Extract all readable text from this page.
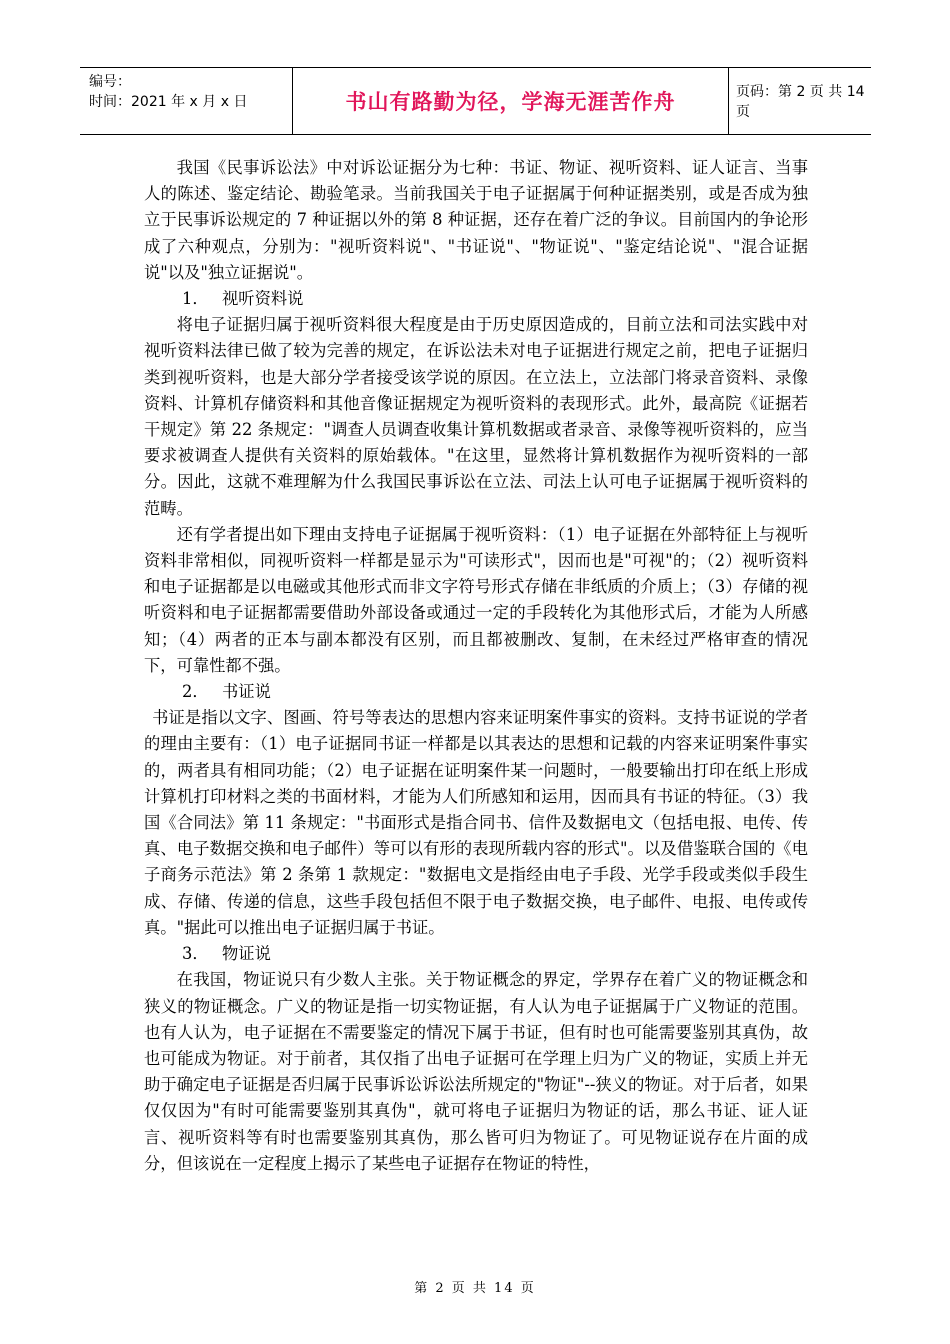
编号：
时间：2021 年 x 月 x 日	书山有路勤为径，学海无涯苦作舟	页码：第 2 页 共 14 页

我国《民事诉讼法》中对诉讼证据分为七种：书证、物证、视听资料、证人证言、当事人的陈述、鉴定结论、勘验笔录。当前我国关于电子证据属于何种证据类别，或是否成为独立于民事诉讼规定的 7 种证据以外的第 8 种证据，还存在着广泛的争议。目前国内的争论形成了六种观点，分别为："视听资料说"、"书证说"、"物证说"、"鉴定结论说"、"混合证据说"以及"独立证据说"。

1． 视听资料说

将电子证据归属于视听资料很大程度是由于历史原因造成的，目前立法和司法实践中对视听资料法律已做了较为完善的规定，在诉讼法未对电子证据进行规定之前，把电子证据归类到视听资料，也是大部分学者接受该学说的原因。在立法上，立法部门将录音资料、录像资料、计算机存储资料和其他音像证据规定为视听资料的表现形式。此外，最高院《证据若干规定》第 22 条规定："调查人员调查收集计算机数据或者录音、录像等视听资料的，应当要求被调查人提供有关资料的原始载体。"在这里，显然将计算机数据作为视听资料的一部分。因此，这就不难理解为什么我国民事诉讼在立法、司法上认可电子证据属于视听资料的范畴。

还有学者提出如下理由支持电子证据属于视听资料：（1）电子证据在外部特征上与视听资料非常相似，同视听资料一样都是显示为"可读形式"，因而也是"可视"的；（2）视听资料和电子证据都是以电磁或其他形式而非文字符号形式存储在非纸质的介质上；（3）存储的视听资料和电子证据都需要借助外部设备或通过一定的手段转化为其他形式后，才能为人所感知；（4）两者的正本与副本都没有区别，而且都被删改、复制，在未经过严格审查的情况下，可靠性都不强。

2． 书证说

书证是指以文字、图画、符号等表达的思想内容来证明案件事实的资料。支持书证说的学者的理由主要有：（1）电子证据同书证一样都是以其表达的思想和记载的内容来证明案件事实的，两者具有相同功能；（2）电子证据在证明案件某一问题时，一般要输出打印在纸上形成计算机打印材料之类的书面材料，才能为人们所感知和运用，因而具有书证的特征。（3）我国《合同法》第 11 条规定："书面形式是指合同书、信件及数据电文（包括电报、电传、传真、电子数据交换和电子邮件）等可以有形的表现所载内容的形式"。以及借鉴联合国的《电子商务示范法》第 2 条第 1 款规定："数据电文是指经由电子手段、光学手段或类似手段生成、存储、传递的信息，这些手段包括但不限于电子数据交换，电子邮件、电报、电传或传真。"据此可以推出电子证据归属于书证。

3． 物证说

在我国，物证说只有少数人主张。关于物证概念的界定，学界存在着广义的物证概念和狭义的物证概念。广义的物证是指一切实物证据，有人认为电子证据属于广义物证的范围。也有人认为，电子证据在不需要鉴定的情况下属于书证，但有时也可能需要鉴别其真伪，故也可能成为物证。对于前者，其仅指了出电子证据可在学理上归为广义的物证，实质上并无助于确定电子证据是否归属于民事诉讼诉讼法所规定的"物证"--狭义的物证。对于后者，如果仅仅因为"有时可能需要鉴别其真伪"，就可将电子证据归为物证的话，那么书证、证人证言、视听资料等有时也需要鉴别其真伪，那么皆可归为物证了。可见物证说存在片面的成分，但该说在一定程度上揭示了某些电子证据存在物证的特性，

第 2 页 共 14 页
